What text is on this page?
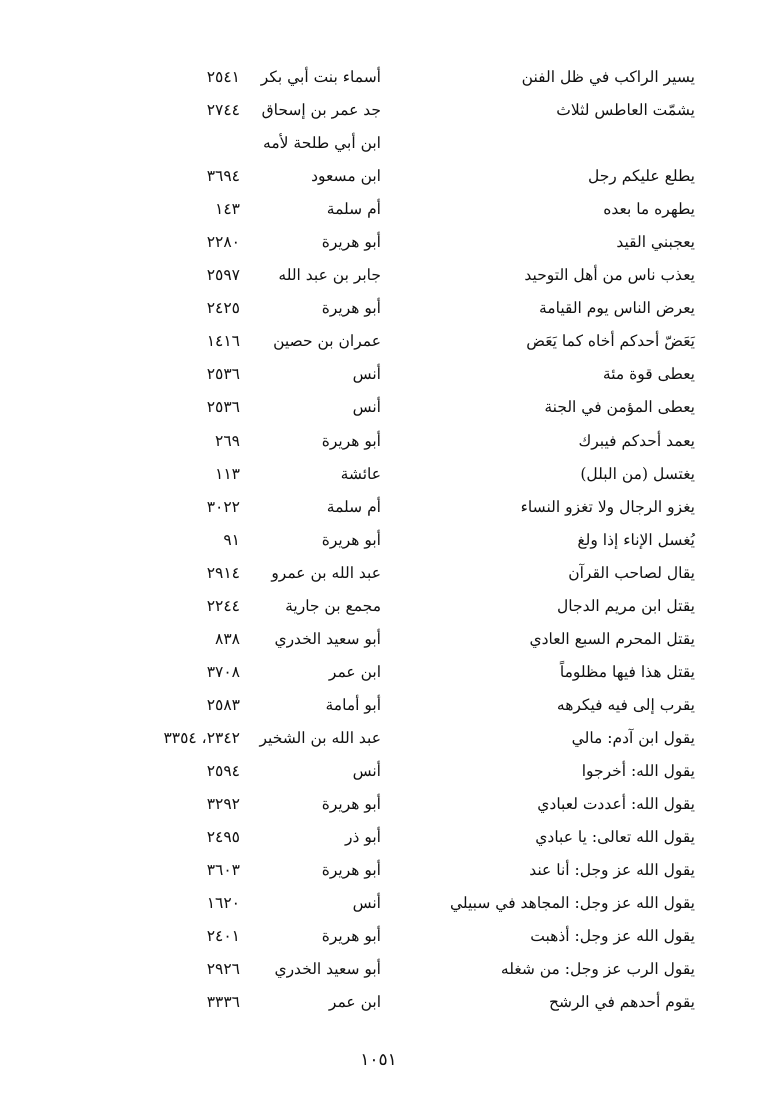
يسير الراكب في ظل الفنن
أسماء بنت أبي بكر
٢٥٤١
يشمّت العاطس لثلاث
جد عمر بن إسحاق
٢٧٤٤
ابن أبي طلحة لأمه
يطلع عليكم رجل
ابن مسعود
٣٦٩٤
يطهره ما بعده
أم سلمة
١٤٣
يعجبني القيد
أبو هريرة
٢٢٨٠
يعذب ناس من أهل التوحيد
جابر بن عبد الله
٢٥٩٧
يعرض الناس يوم القيامة
أبو هريرة
٢٤٢٥
يَعَضّ أحدكم أخاه كما يَعَض
عمران بن حصين
١٤١٦
يعطى قوة مئة
أنس
٢٥٣٦
يعطى المؤمن في الجنة
أنس
٢٥٣٦
يعمد أحدكم فيبرك
أبو هريرة
٢٦٩
يغتسل (من البلل)
عائشة
١١٣
يغزو الرجال ولا تغزو النساء
أم سلمة
٣٠٢٢
يُغسل الإناء إذا ولغ
أبو هريرة
٩١
يقال لصاحب القرآن
عبد الله بن عمرو
٢٩١٤
يقتل ابن مريم الدجال
مجمع بن جارية
٢٢٤٤
يقتل المحرم السبع العادي
أبو سعيد الخدري
٨٣٨
يقتل هذا فيها مظلوماً
ابن عمر
٣٧٠٨
يقرب إلى فيه فيكرهه
أبو أمامة
٢٥٨٣
يقول ابن آدم: مالي
عبد الله بن الشخير
٢٣٤٢، ٣٣٥٤
يقول الله: أخرجوا
أنس
٢٥٩٤
يقول الله: أعددت لعبادي
أبو هريرة
٣٢٩٢
يقول الله تعالى: يا عبادي
أبو ذر
٢٤٩٥
يقول الله عز وجل: أنا عند
أبو هريرة
٣٦٠٣
يقول الله عز وجل: المجاهد في سبيلي
أنس
١٦٢٠
يقول الله عز وجل: أذهبت
أبو هريرة
٢٤٠١
يقول الرب عز وجل: من شغله
أبو سعيد الخدري
٢٩٢٦
يقوم أحدهم في الرشح
ابن عمر
٣٣٣٦
١٠٥١
